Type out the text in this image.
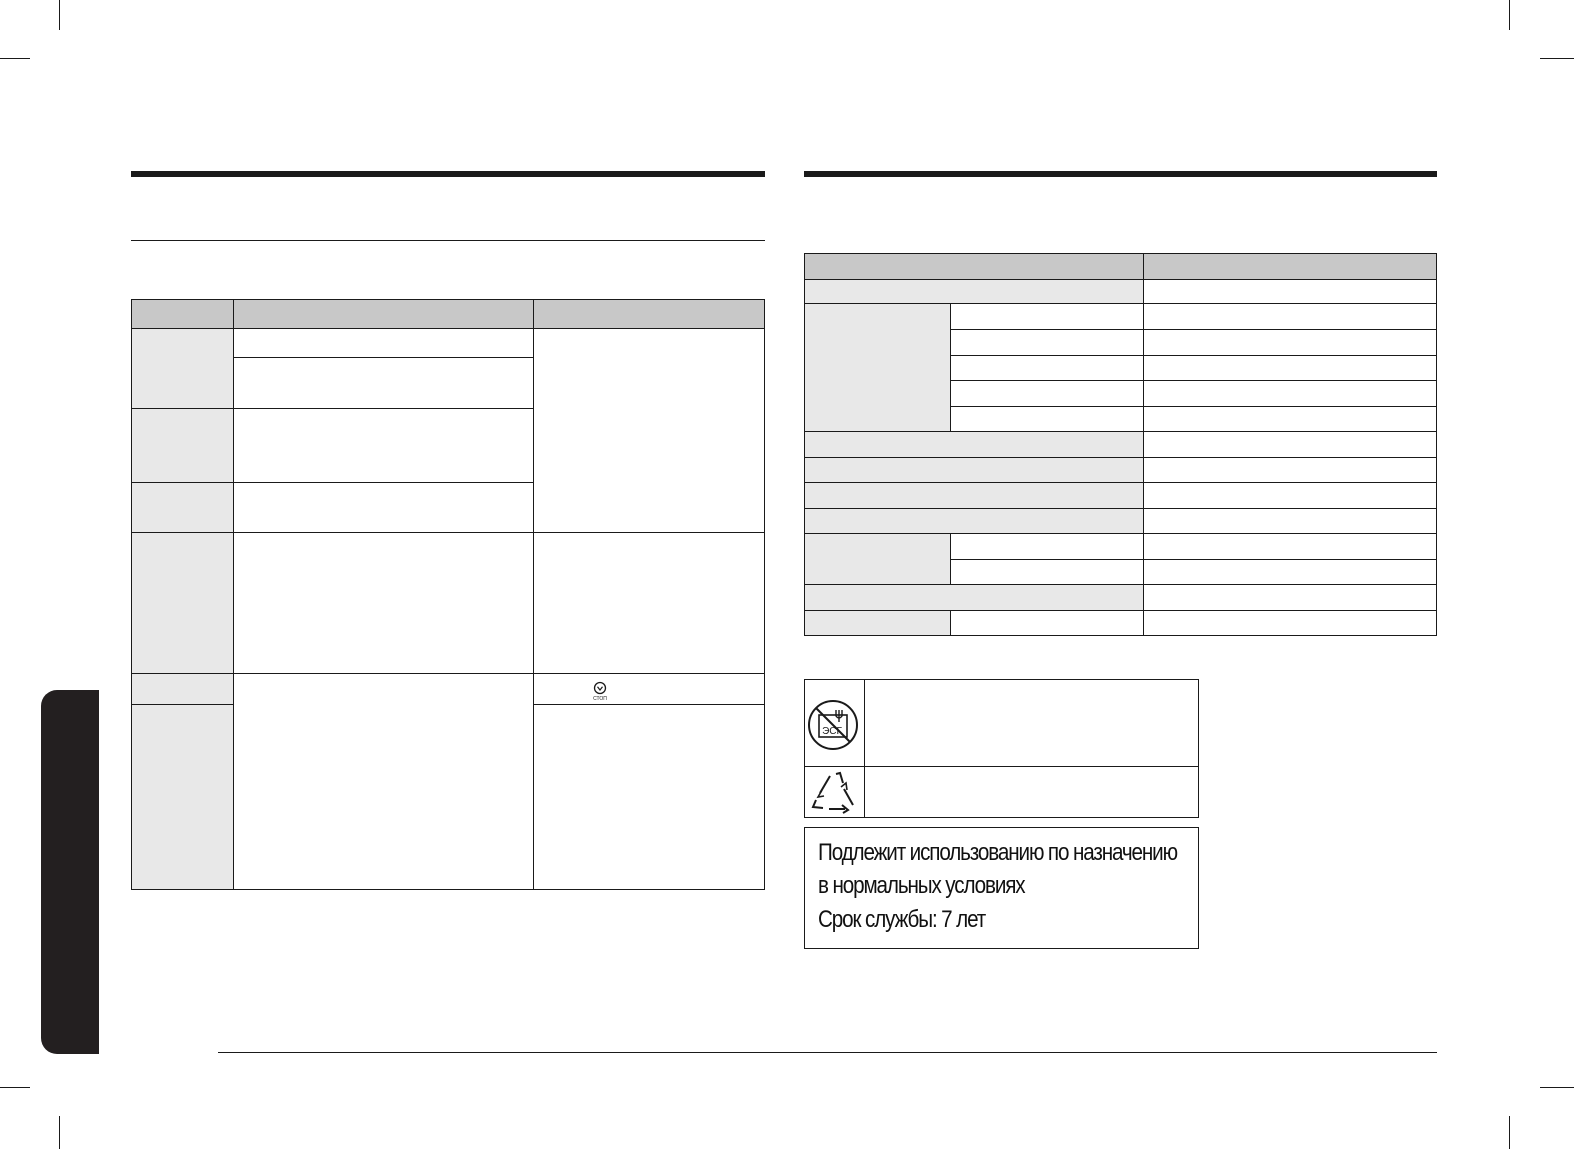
СТОП
ЭСГ
Подлежит использованию по назначению
в нормальных условиях
Срок службы: 7 лет
